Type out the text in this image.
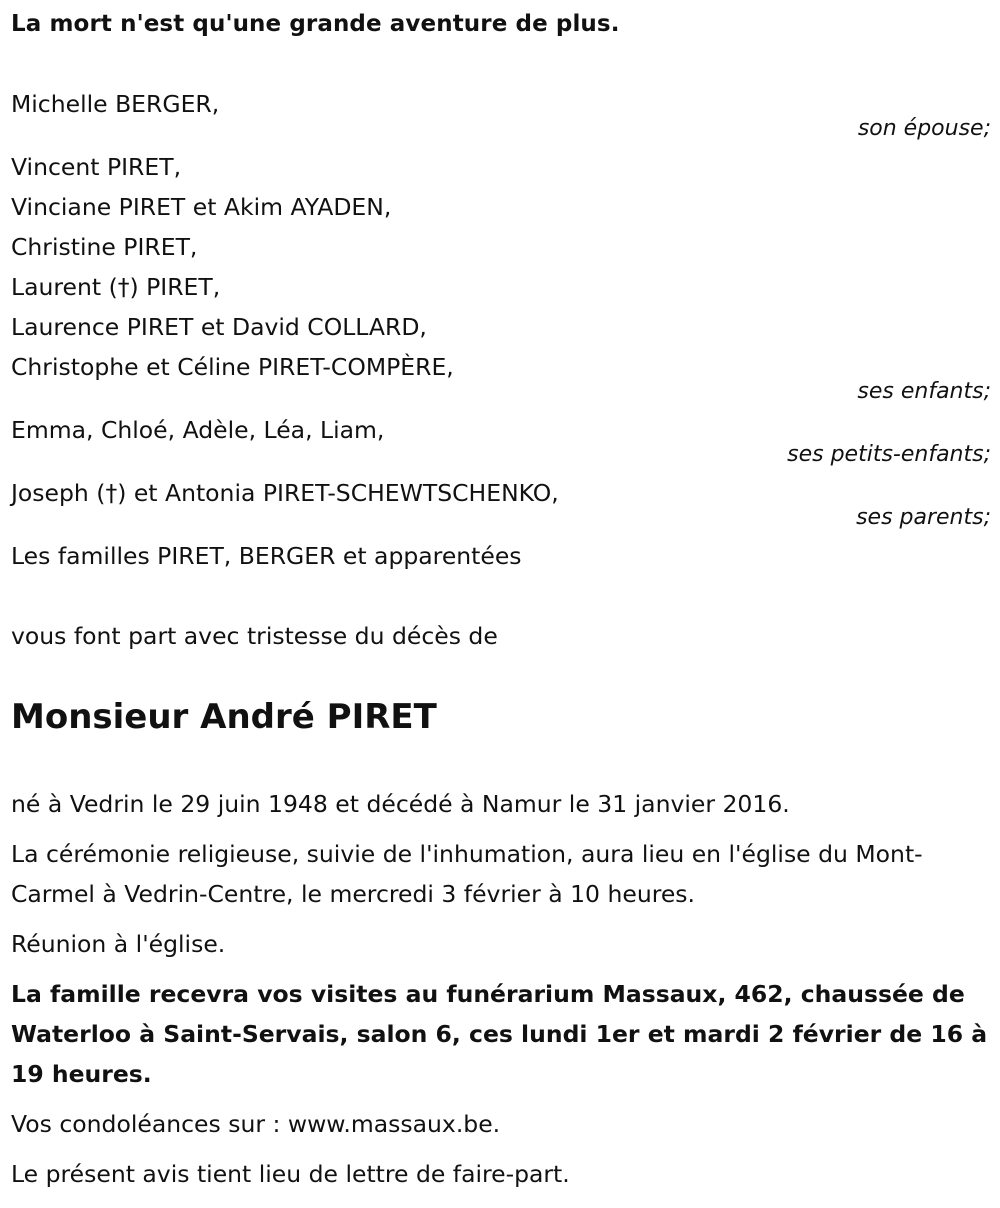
La mort n'est qu'une grande aventure de plus.
Michelle BERGER,
son épouse;
Vincent PIRET,
Vinciane PIRET et Akim AYADEN,
Christine PIRET,
Laurent (†) PIRET,
Laurence PIRET et David COLLARD,
Christophe et Céline PIRET-COMPÈRE,
ses enfants;
Emma, Chloé, Adèle, Léa, Liam,
ses petits-enfants;
Joseph (†) et Antonia PIRET-SCHEWTSCHENKO,
ses parents;
Les familles PIRET, BERGER et apparentées
vous font part avec tristesse du décès de
Monsieur André PIRET
né à Vedrin le 29 juin 1948 et décédé à Namur le 31 janvier 2016.
La cérémonie religieuse, suivie de l'inhumation, aura lieu en l'église du Mont-Carmel à Vedrin-Centre, le mercredi 3 février à 10 heures.
Réunion à l'église.
La famille recevra vos visites au funérarium Massaux, 462, chaussée de Waterloo à Saint-Servais, salon 6, ces lundi 1er et mardi 2 février de 16 à 19 heures.
Vos condoléances sur : www.massaux.be.
Le présent avis tient lieu de lettre de faire-part.
